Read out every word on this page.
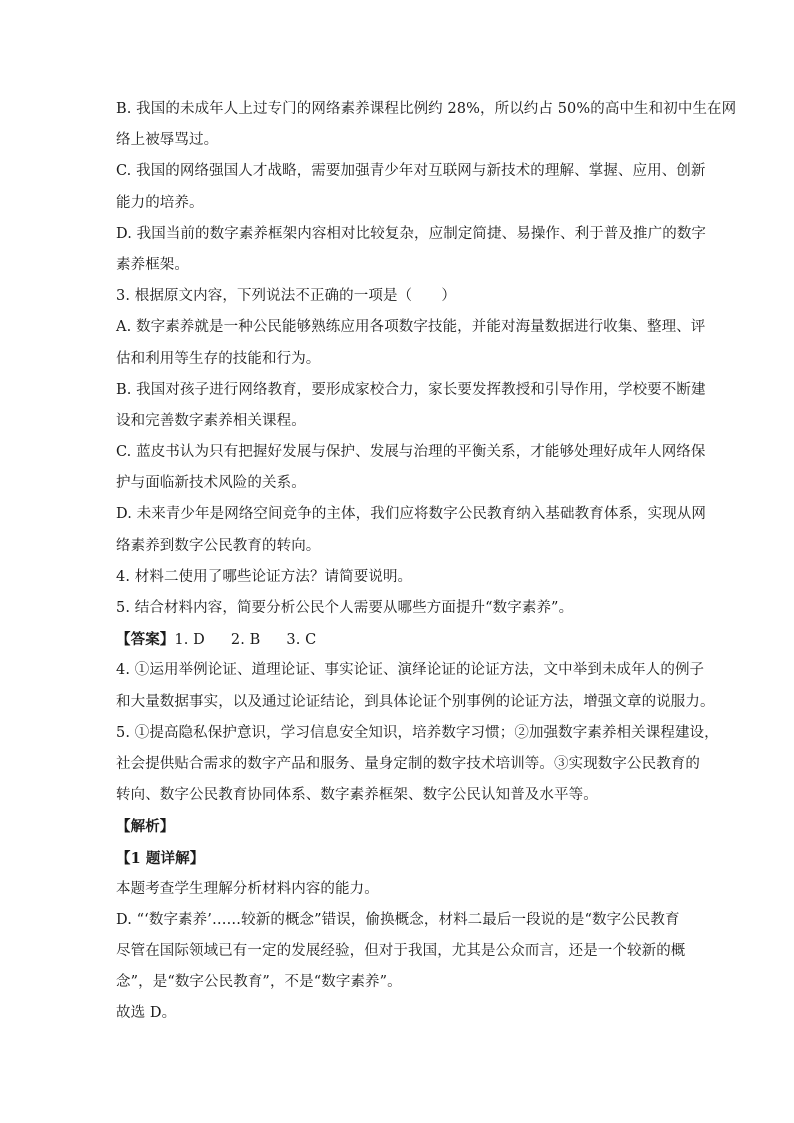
B. 我国的未成年人上过专门的网络素养课程比例约 28%，所以约占 50%的高中生和初中生在网
络上被辱骂过。
C. 我国的网络强国人才战略，需要加强青少年对互联网与新技术的理解、掌握、应用、创新
能力的培养。
D. 我国当前的数字素养框架内容相对比较复杂，应制定简捷、易操作、利于普及推广的数字
素养框架。
3. 根据原文内容，下列说法不正确的一项是（　　）
A. 数字素养就是一种公民能够熟练应用各项数字技能，并能对海量数据进行收集、整理、评
估和利用等生存的技能和行为。
B. 我国对孩子进行网络教育，要形成家校合力，家长要发挥教授和引导作用，学校要不断建
设和完善数字素养相关课程。
C. 蓝皮书认为只有把握好发展与保护、发展与治理的平衡关系，才能够处理好成年人网络保
护与面临新技术风险的关系。
D. 未来青少年是网络空间竞争的主体，我们应将数字公民教育纳入基础教育体系，实现从网
络素养到数字公民教育的转向。
4. 材料二使用了哪些论证方法？请简要说明。
5. 结合材料内容，简要分析公民个人需要从哪些方面提升“数字素养”。
【答案】1. D 2. B 3. C
4. ①运用举例论证、道理论证、事实论证、演绎论证的论证方法，文中举到未成年人的例子
和大量数据事实，以及通过论证结论，到具体论证个别事例的论证方法，增强文章的说服力。
5. ①提高隐私保护意识，学习信息安全知识，培养数字习惯；②加强数字素养相关课程建设，
社会提供贴合需求的数字产品和服务、量身定制的数字技术培训等。③实现数字公民教育的
转向、数字公民教育协同体系、数字素养框架、数字公民认知普及水平等。
【解析】
【1 题详解】
本题考查学生理解分析材料内容的能力。
D. “‘数字素养’……较新的概念”错误，偷换概念，材料二最后一段说的是“数字公民教育
尽管在国际领域已有一定的发展经验，但对于我国，尤其是公众而言，还是一个较新的概
念”，是“数字公民教育”，不是“数字素养”。
故选 D。
